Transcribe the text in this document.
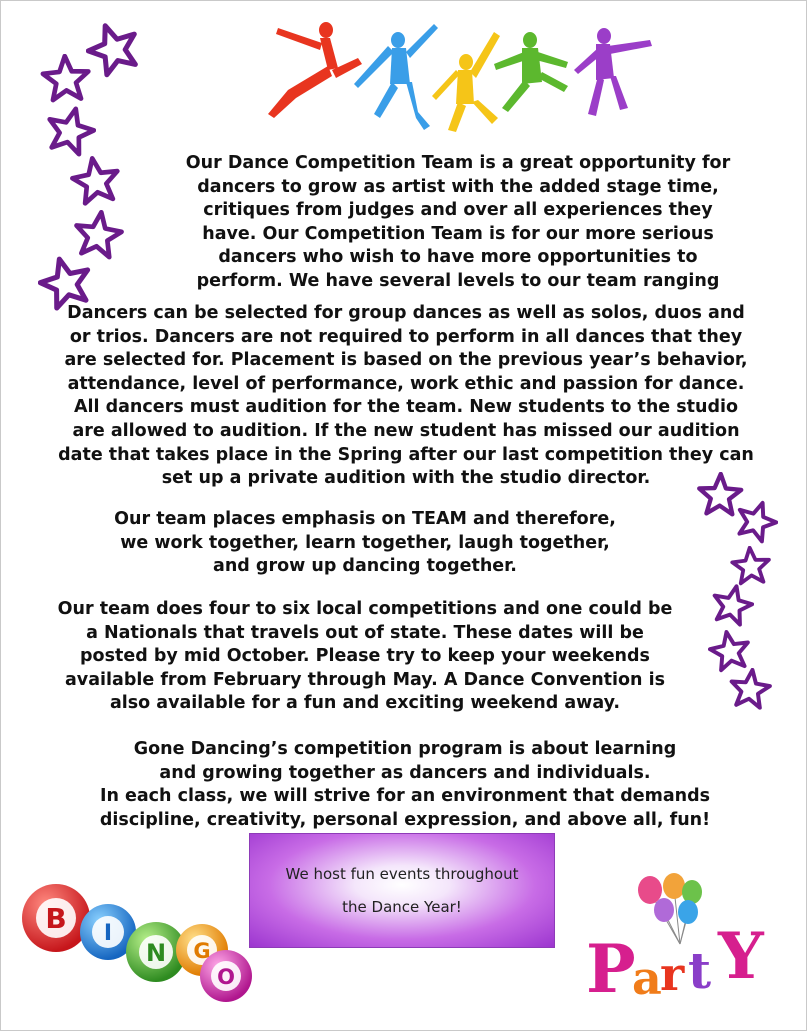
Our Dance Competition Team is a great opportunity for
dancers to grow as artist with the added stage time,
critiques from judges and over all experiences they
have. Our Competition Team is for our more serious
dancers who wish to have more opportunities to
perform. We have several levels to our team ranging
Dancers can be selected for group dances as well as solos, duos and
or trios. Dancers are not required to perform in all dances that they
are selected for. Placement is based on the previous year’s behavior,
attendance, level of performance, work ethic and passion for dance.
All dancers must audition for the team. New students to the studio
are allowed to audition. If the new student has missed our audition
date that takes place in the Spring after our last competition they can
set up a private audition with the studio director.
Our team places emphasis on TEAM and therefore,
we work together, learn together, laugh together,
and grow up dancing together.
Our team does four to six local competitions and one could be
a Nationals that travels out of state. These dates will be
posted by mid October. Please try to keep your weekends
available from February through May. A Dance Convention is
also available for a fun and exciting weekend away.
Gone Dancing’s competition program is about learning
and growing together as dancers and individuals.
In each class, we will strive for an environment that demands
discipline, creativity, personal expression, and above all, fun!
We host fun events throughout
the Dance Year!
B I
N G
O	P
a
r t Y
